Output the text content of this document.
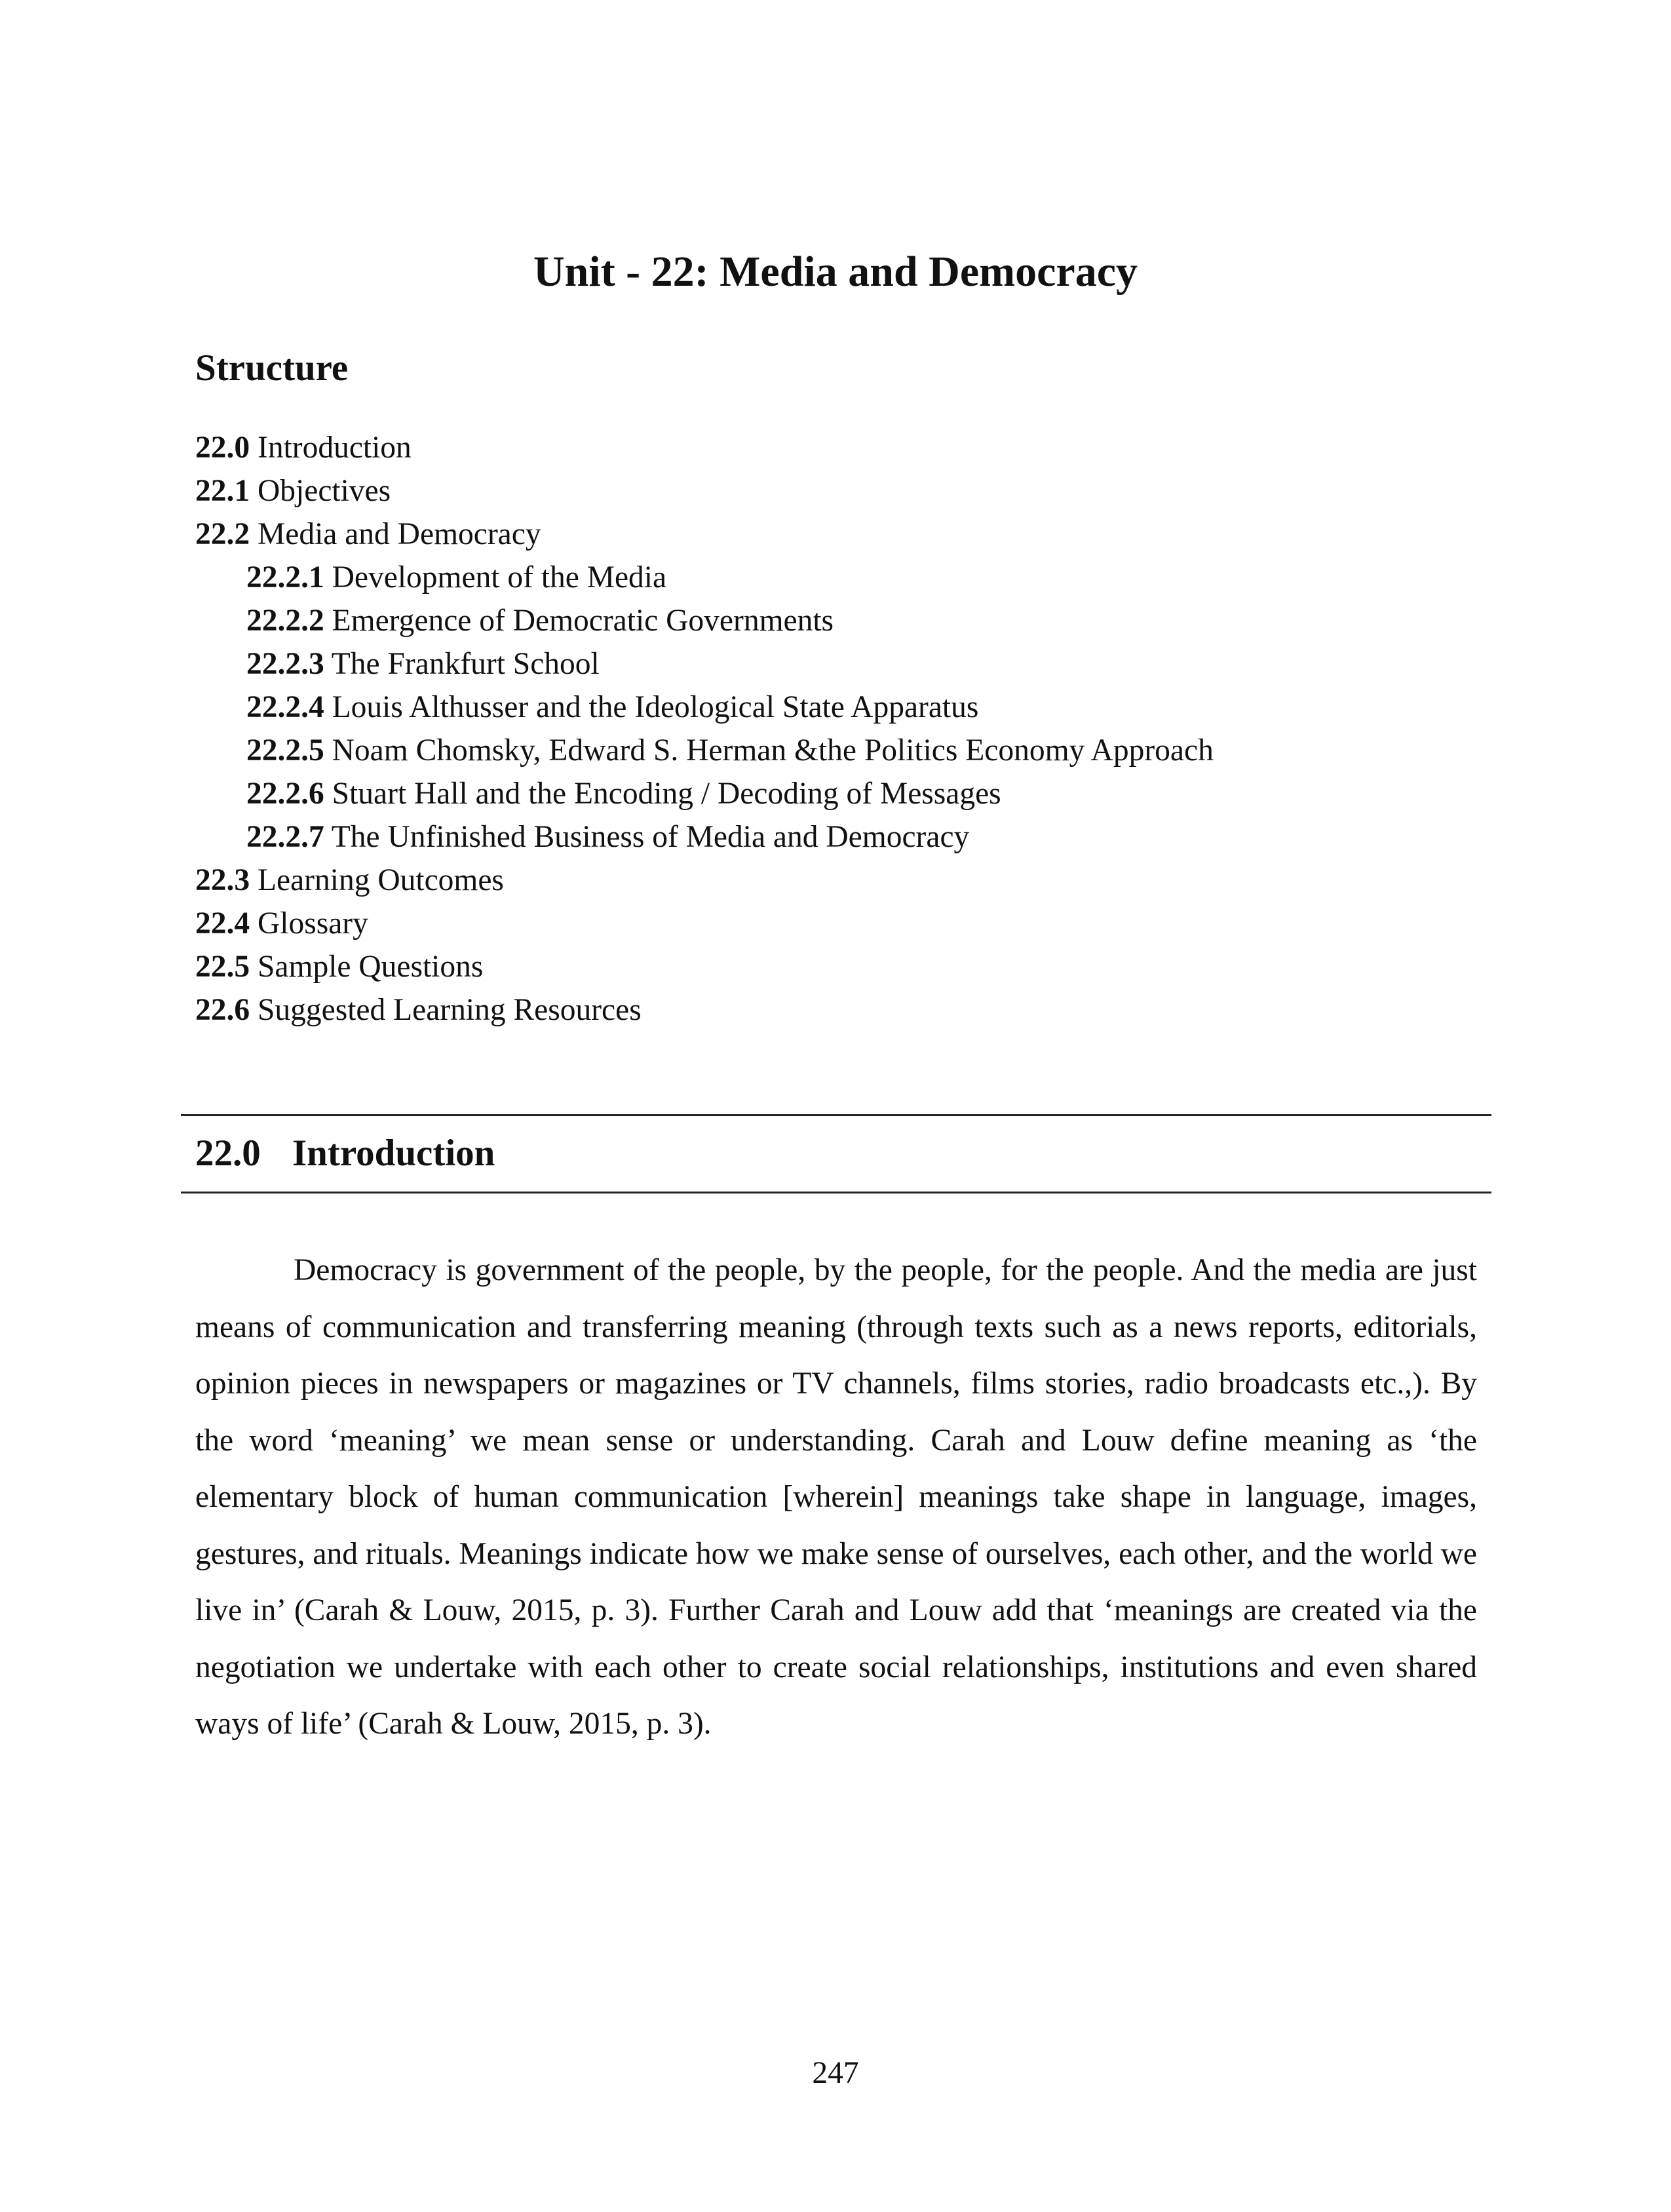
Unit - 22: Media and Democracy
Structure
22.0 Introduction
22.1 Objectives
22.2 Media and Democracy
22.2.1 Development of the Media
22.2.2 Emergence of Democratic Governments
22.2.3 The Frankfurt School
22.2.4 Louis Althusser and the Ideological State Apparatus
22.2.5 Noam Chomsky, Edward S. Herman &the Politics Economy Approach
22.2.6 Stuart Hall and the Encoding / Decoding of Messages
22.2.7 The Unfinished Business of Media and Democracy
22.3 Learning Outcomes
22.4 Glossary
22.5 Sample Questions
22.6 Suggested Learning Resources
22.0 Introduction

Democracy is government of the people, by the people, for the people. And the media are just means of communication and transferring meaning (through texts such as a news reports, editorials, opinion pieces in newspapers or magazines or TV channels, films stories, radio broadcasts etc.,). By the word ‘meaning’ we mean sense or understanding. Carah and Louw define meaning as ‘the elementary block of human communication [wherein] meanings take shape in language, images, gestures, and rituals. Meanings indicate how we make sense of ourselves, each other, and the world we live in’ (Carah & Louw, 2015, p. 3). Further Carah and Louw add that ‘meanings are created via the negotiation we undertake with each other to create social relationships, institutions and even shared ways of life’ (Carah & Louw, 2015, p. 3).

247
